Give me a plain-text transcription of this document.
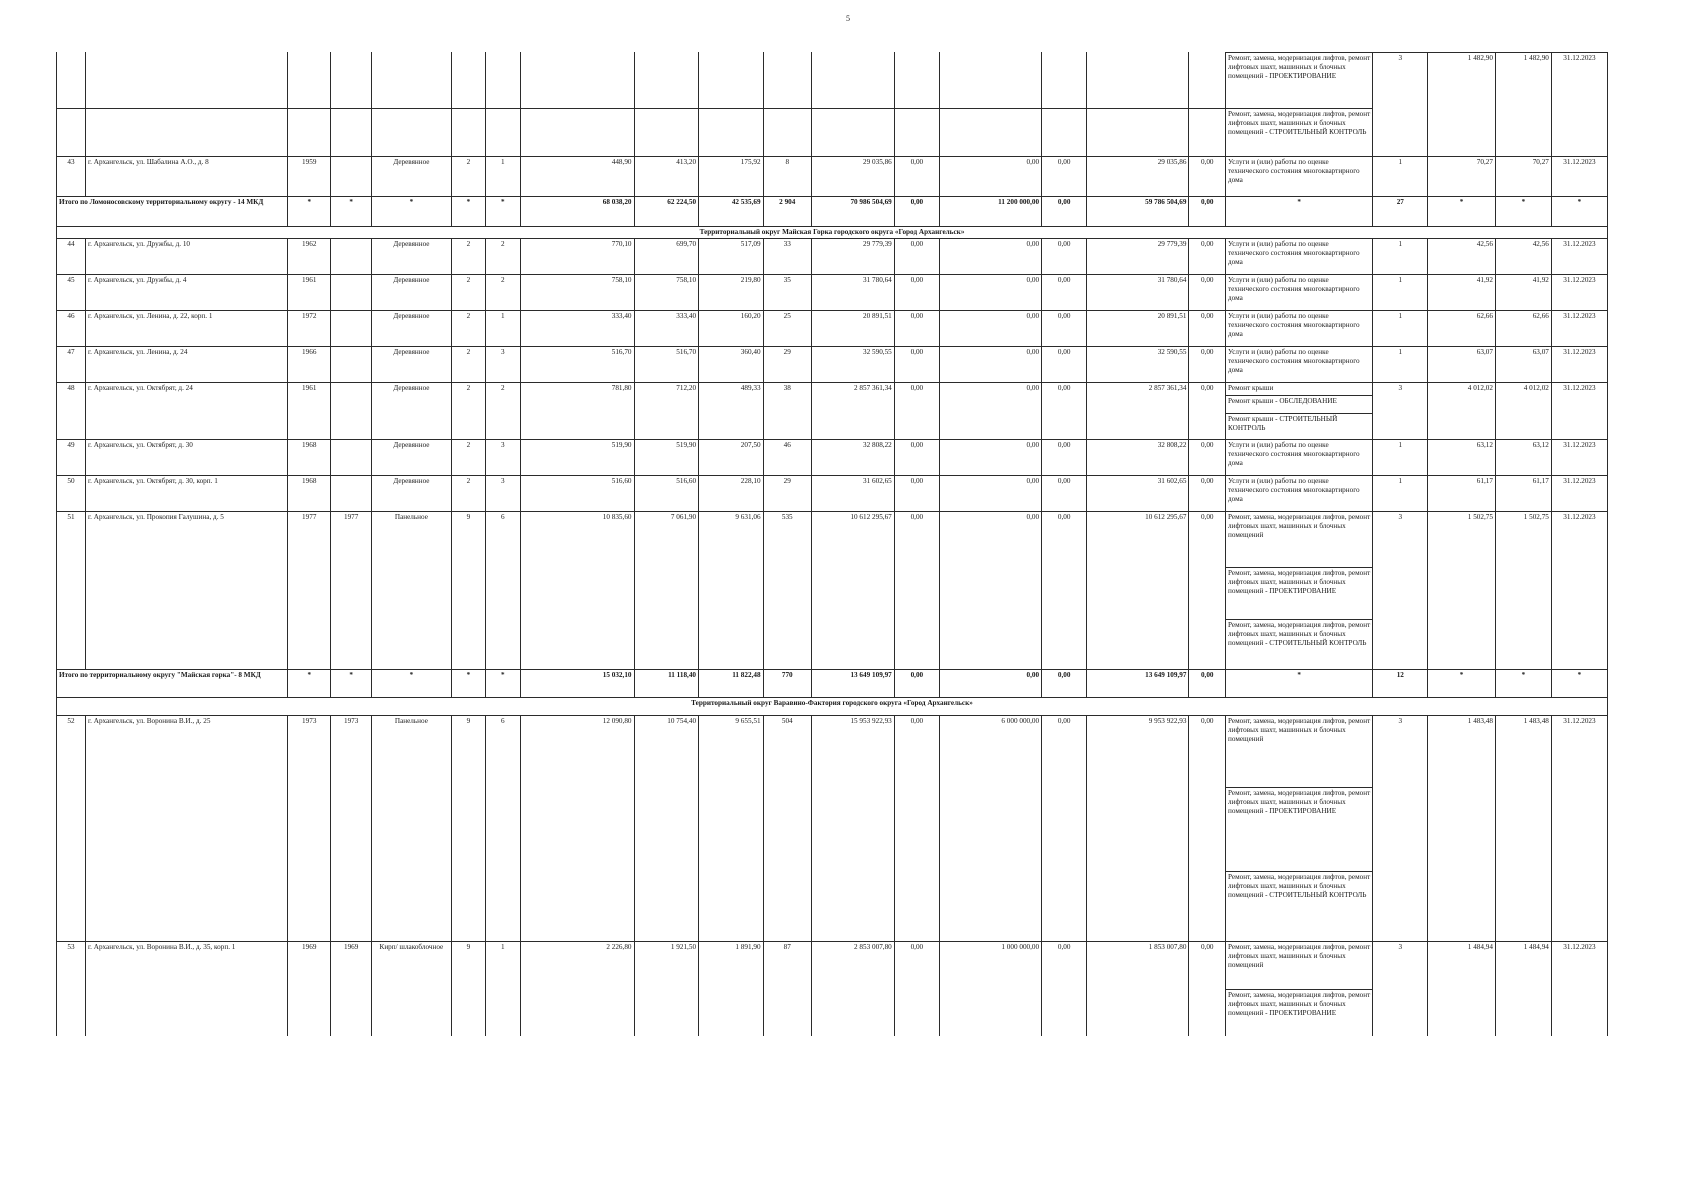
5
																	Ремонт, замена, модернизация лифтов, ремонт лифтовых шахт, машинных и блочных помещений - ПРОЕКТИРОВАНИЕ	3	1 482,90	1 482,90	31.12.2023
																	Ремонт, замена, модернизация лифтов, ремонт лифтовых шахт, машинных и блочных помещений - СТРОИТЕЛЬНЫЙ КОНТРОЛЬ				
43	г. Архангельск, ул. Шабалина А.О., д. 8	1959		Деревянное	2	1	448,90	413,20	175,92	8	29 035,86	0,00	0,00	0,00	29 035,86	0,00	Услуги и (или) работы по оценке технического состояния многоквартирного дома	1	70,27	70,27	31.12.2023
Итого по Ломоносовскому территориальному округу - 14 МКД		*	*	*	*	*	68 038,20	62 224,50	42 535,69	2 904	70 986 504,69	0,00	11 200 000,00	0,00	59 786 504,69	0,00	*	27	*	*	*
Территориальный округ Майская Горка городского округа «Город Архангельск»																					
44	г. Архангельск, ул. Дружбы, д. 10	1962		Деревянное	2	2	770,10	699,70	517,09	33	29 779,39	0,00	0,00	0,00	29 779,39	0,00	Услуги и (или) работы по оценке технического состояния многоквартирного дома	1	42,56	42,56	31.12.2023
45	г. Архангельск, ул. Дружбы, д. 4	1961		Деревянное	2	2	758,10	758,10	219,80	35	31 780,64	0,00	0,00	0,00	31 780,64	0,00	Услуги и (или) работы по оценке технического состояния многоквартирного дома	1	41,92	41,92	31.12.2023
46	г. Архангельск, ул. Ленина, д. 22, корп. 1	1972		Деревянное	2	1	333,40	333,40	160,20	25	20 891,51	0,00	0,00	0,00	20 891,51	0,00	Услуги и (или) работы по оценке технического состояния многоквартирного дома	1	62,66	62,66	31.12.2023
47	г. Архангельск, ул. Ленина, д. 24	1966		Деревянное	2	3	516,70	516,70	360,40	29	32 590,55	0,00	0,00	0,00	32 590,55	0,00	Услуги и (или) работы по оценке технического состояния многоквартирного дома	1	63,07	63,07	31.12.2023
48	г. Архангельск, ул. Октябрят, д. 24	1961		Деревянное	2	2	781,80	712,20	489,33	38	2 857 361,34	0,00	0,00	0,00	2 857 361,34	0,00	Ремонт крыши	3	4 012,02	4 012,02	31.12.2023
																	Ремонт крыши - ОБСЛЕДОВАНИЕ				
																	Ремонт крыши - СТРОИТЕЛЬНЫЙ КОНТРОЛЬ				
49	г. Архангельск, ул. Октябрят, д. 30	1968		Деревянное	2	3	519,90	519,90	207,50	46	32 808,22	0,00	0,00	0,00	32 808,22	0,00	Услуги и (или) работы по оценке технического состояния многоквартирного дома	1	63,12	63,12	31.12.2023
50	г. Архангельск, ул. Октябрят, д. 30, корп. 1	1968		Деревянное	2	3	516,60	516,60	228,10	29	31 602,65	0,00	0,00	0,00	31 602,65	0,00	Услуги и (или) работы по оценке технического состояния многоквартирного дома	1	61,17	61,17	31.12.2023
51	г. Архангельск, ул. Прокопия Галушина, д. 5	1977	1977	Панельное	9	6	10 835,60	7 061,90	9 631,06	535	10 612 295,67	0,00	0,00	0,00	10 612 295,67	0,00	Ремонт, замена, модернизация лифтов, ремонт лифтовых шахт, машинных и блочных помещений	3	1 502,75	1 502,75	31.12.2023
																	Ремонт, замена, модернизация лифтов, ремонт лифтовых шахт, машинных и блочных помещений - ПРОЕКТИРОВАНИЕ				
																	Ремонт, замена, модернизация лифтов, ремонт лифтовых шахт, машинных и блочных помещений - СТРОИТЕЛЬНЫЙ КОНТРОЛЬ				
Итого по территориальному округу "Майская горка"- 8 МКД		*	*	*	*	*	15 032,10	11 118,40	11 822,48	770	13 649 109,97	0,00	0,00	0,00	13 649 109,97	0,00	*	12	*	*	*
Территориальный округ Варавино-Фактория городского округа «Город Архангельск»																					
52	г. Архангельск, ул. Воронина В.И., д. 25	1973	1973	Панельное	9	6	12 090,80	10 754,40	9 655,51	504	15 953 922,93	0,00	6 000 000,00	0,00	9 953 922,93	0,00	Ремонт, замена, модернизация лифтов, ремонт лифтовых шахт, машинных и блочных помещений	3	1 483,48	1 483,48	31.12.2023
																	Ремонт, замена, модернизация лифтов, ремонт лифтовых шахт, машинных и блочных помещений - ПРОЕКТИРОВАНИЕ				
																	Ремонт, замена, модернизация лифтов, ремонт лифтовых шахт, машинных и блочных помещений - СТРОИТЕЛЬНЫЙ КОНТРОЛЬ				
53	г. Архангельск, ул. Воронина В.И., д. 35, корп. 1	1969	1969	Кирп/ шлакоблочное	9	1	2 226,80	1 921,50	1 891,90	87	2 853 007,80	0,00	1 000 000,00	0,00	1 853 007,80	0,00	Ремонт, замена, модернизация лифтов, ремонт лифтовых шахт, машинных и блочных помещений	3	1 484,94	1 484,94	31.12.2023
																	Ремонт, замена, модернизация лифтов, ремонт лифтовых шахт, машинных и блочных помещений - ПРОЕКТИРОВАНИЕ				
